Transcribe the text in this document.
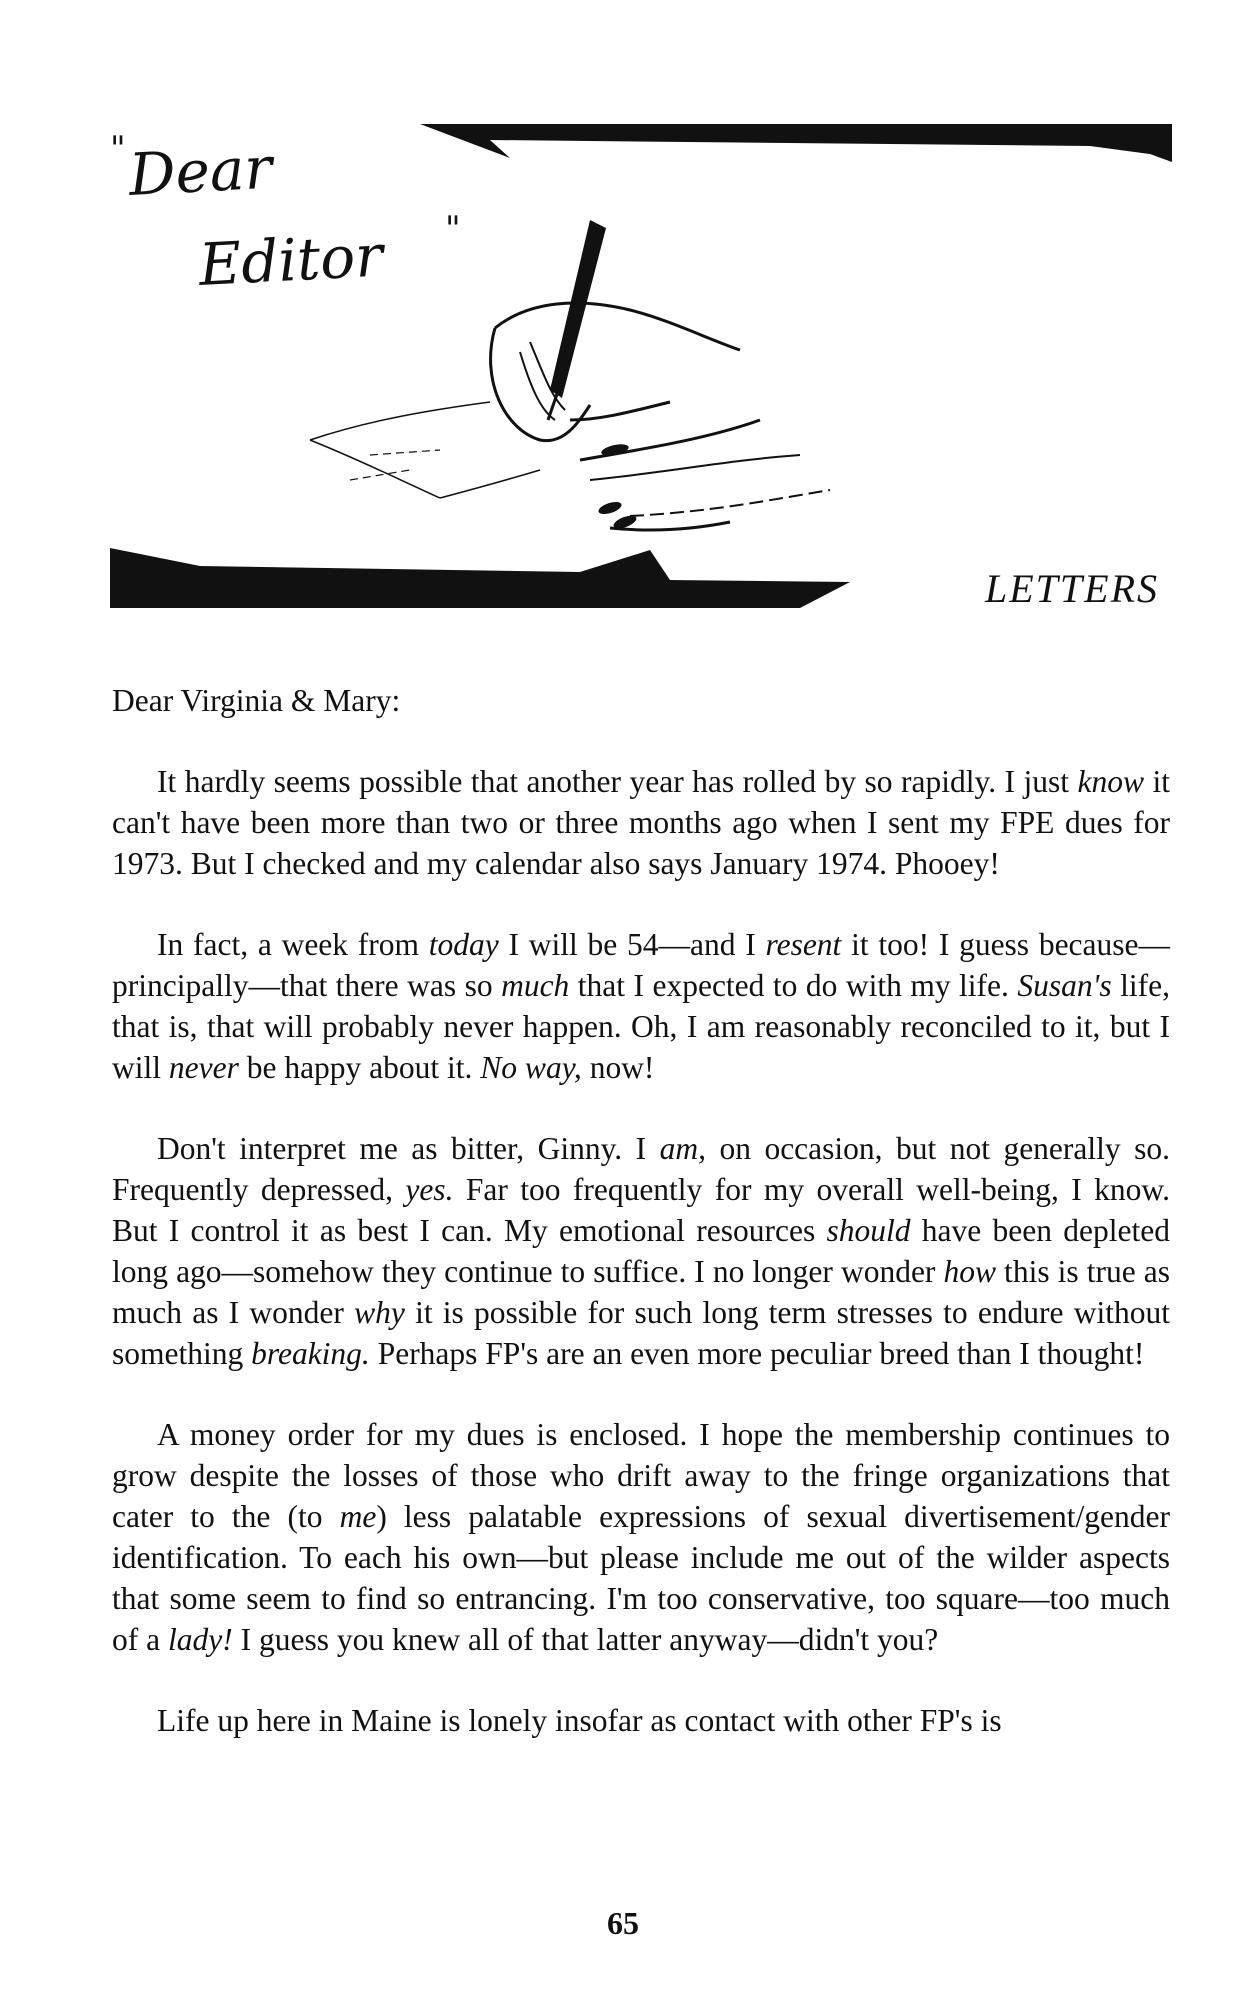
Dear
Editor
"
"
LETTERS

Dear Virginia & Mary:

It hardly seems possible that another year has rolled by so rapidly. I just know it can't have been more than two or three months ago when I sent my FPE dues for 1973. But I checked and my calendar also says January 1974. Phooey!

In fact, a week from today I will be 54—and I resent it too! I guess because—principally—that there was so much that I expected to do with my life. Susan's life, that is, that will probably never happen. Oh, I am reasonably reconciled to it, but I will never be happy about it. No way, now!

Don't interpret me as bitter, Ginny. I am, on occasion, but not generally so. Frequently depressed, yes. Far too frequently for my overall well-being, I know. But I control it as best I can. My emotional resources should have been depleted long ago—somehow they continue to suffice. I no longer wonder how this is true as much as I wonder why it is possible for such long term stresses to endure without something breaking. Perhaps FP's are an even more peculiar breed than I thought!

A money order for my dues is enclosed. I hope the membership continues to grow despite the losses of those who drift away to the fringe organizations that cater to the (to me) less palatable expressions of sexual divertisement/gender identification. To each his own—but please include me out of the wilder aspects that some seem to find so entrancing. I'm too conservative, too square—too much of a lady! I guess you knew all of that latter anyway—didn't you?

Life up here in Maine is lonely insofar as contact with other FP's is

65
